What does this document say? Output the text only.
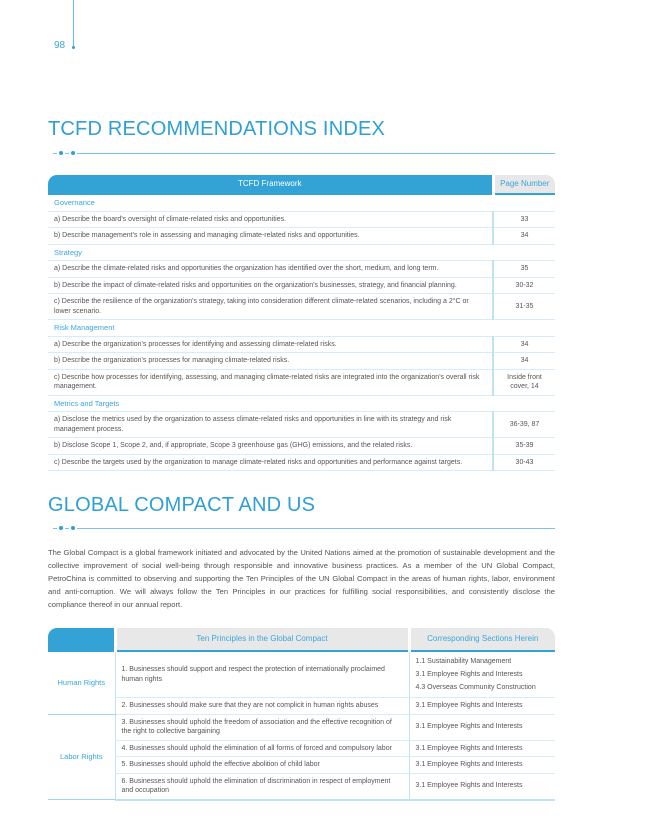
98
TCFD RECOMMENDATIONS INDEX
TCFD Framework	Page Number
Governance	
a) Describe the board's oversight of climate-related risks and opportunities.	33
b) Describe management's role in assessing and managing climate-related risks and opportunities.	34
Strategy	
a) Describe the climate-related risks and opportunities the organization has identified over the short, medium, and long term.	35
b) Describe the impact of climate-related risks and opportunities on the organization's businesses, strategy, and financial planning.	30-32
c) Describe the resilience of the organization's strategy, taking into consideration different climate-related scenarios, including a 2°C or lower scenario.	31-35
Risk Management	
a) Describe the organization's processes for identifying and assessing climate-related risks.	34
b) Describe the organization's processes for managing climate-related risks.	34
c) Describe how processes for identifying, assessing, and managing climate-related risks are integrated into the organization's overall risk management.	Inside front cover, 14
Metrics and Targets	
a) Disclose the metrics used by the organization to assess climate-related risks and opportunities in line with its strategy and risk management process.	36-39, 87
b) Disclose Scope 1, Scope 2, and, if appropriate, Scope 3 greenhouse gas (GHG) emissions, and the related risks.	35-39
c) Describe the targets used by the organization to manage climate-related risks and opportunities and performance against targets.	30-43
GLOBAL COMPACT AND US

The Global Compact is a global framework initiated and advocated by the United Nations aimed at the promotion of sustainable development and the collective improvement of social well-being through responsible and innovative business practices. As a member of the UN Global Compact, PetroChina is committed to observing and supporting the Ten Principles of the UN Global Compact in the areas of human rights, labor, environment and anti-corruption. We will always follow the Ten Principles in our practices for fulfilling social responsibilities, and consistently disclose the compliance thereof in our annual report.

	Ten Principles in the Global Compact	Corresponding Sections Herein
Human Rights	1. Businesses should support and respect the protection of internationally proclaimed human rights	1.1 Sustainability Management
3.1 Employee Rights and Interests
4.3 Overseas Community Construction

	2. Businesses should make sure that they are not complicit in human rights abuses	3.1 Employee Rights and Interests

Labor Rights	3. Businesses should uphold the freedom of association and the effective recognition of the right to collective bargaining	3.1 Employee Rights and Interests

	4. Businesses should uphold the elimination of all forms of forced and compulsory labor	3.1 Employee Rights and Interests

	5. Businesses should uphold the effective abolition of child labor	3.1 Employee Rights and Interests

	6. Businesses should uphold the elimination of discrimination in respect of employment and occupation	3.1 Employee Rights and Interests
